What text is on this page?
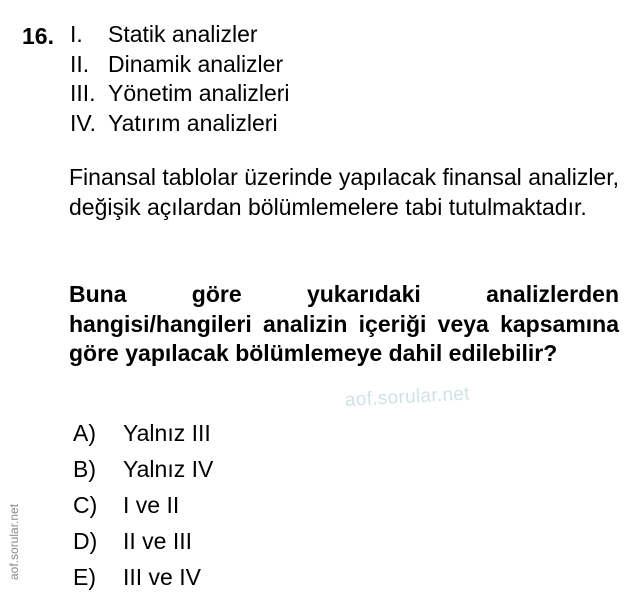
16. I.	Statik analizler
II. Dinamik analizler
III. Yönetim analizleri
IV. Yatırım analizleri

Finansal tablolar üzerinde yapılacak finansal analizler, değişik açılardan bölümlemelere tabi tutulmaktadır.

Buna göre yukarıdaki analizlerden hangisi/hangileri analizin içeriği veya kapsamına göre yapılacak bölümlemeye dahil edilebilir?

aof.sorular.net
A)	Yalnız III
B)	Yalnız IV
C)	I ve II
D)	II ve III
E)	III ve IV
aof.sorular.net
